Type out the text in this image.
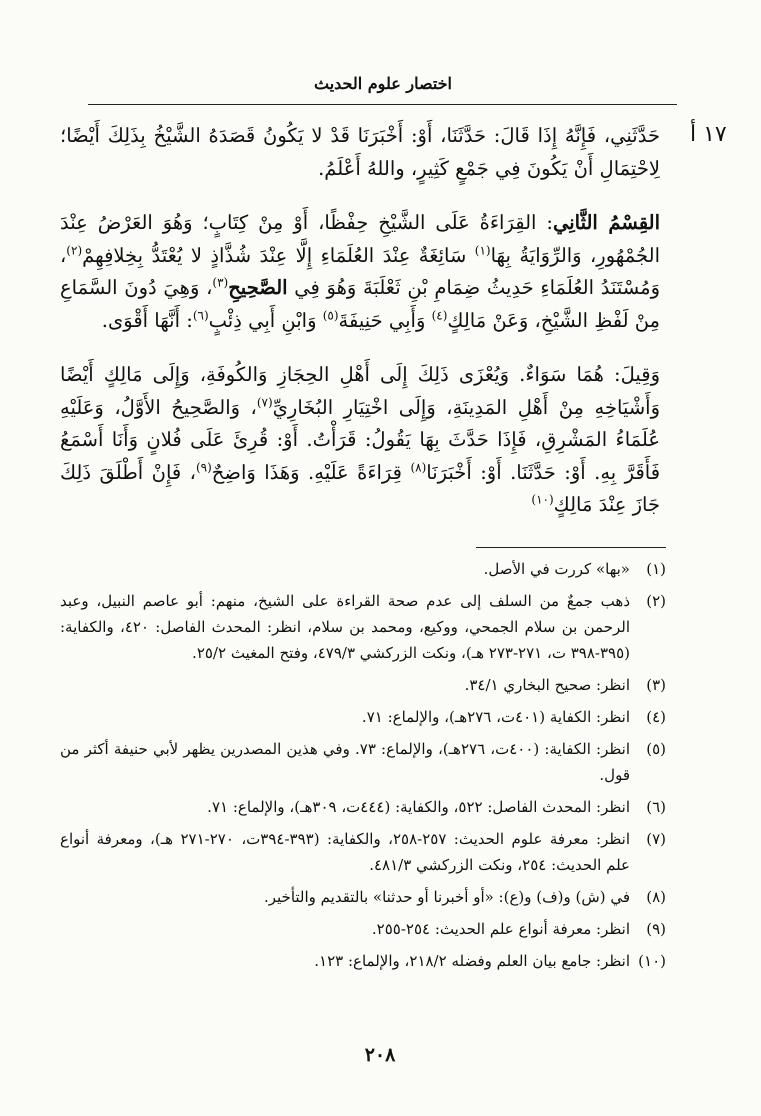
اختصار علوم الحديث
١٧ أ

حَدَّثَنِي، فَإِنَّهُ إِذَا قَالَ: حَدَّثَنَا، أَوْ: أَخْبَرَنَا قَدْ لا يَكُونُ قَصَدَهُ الشَّيْخُ بِذَلِكَ أَيْضًا؛ لِاحْتِمَالِ أَنْ يَكُونَ فِي جَمْعٍ كَثِيرٍ، واللهُ أَعْلَمُ.

القِسْمُ الثَّانِي: القِرَاءَةُ عَلَى الشَّيْخِ حِفْظًا، أَوْ مِنْ كِتَابٍ؛ وَهُوَ العَرْضُ عِنْدَ الجُمْهُورِ، وَالرِّوَايَةُ بِهَا$^{(١)}$ سَائِغَةٌ عِنْدَ العُلَمَاءِ إِلَّا عِنْدَ شُذَّاذٍ لا يُعْتَدُّ بِخِلافِهِمْ$^{(٢)}$، وَمُسْتَنَدُ العُلَمَاءِ حَدِيثُ ضِمَامِ بْنِ ثَعْلَبَةَ وَهُوَ فِي الصَّحِيحِ$^{(٣)}$، وَهِيَ دُونَ السَّمَاعِ مِنْ لَفْظِ الشَّيْخِ، وَعَنْ مَالِكٍ$^{(٤)}$ وَأَبِي حَنِيفَةَ$^{(٥)}$ وَابْنِ أَبِي ذِئْبٍ$^{(٦)}$: أَنَّهَا أَقْوَى.

وَقِيلَ: هُمَا سَوَاءٌ. وَيُعْزَى ذَلِكَ إِلَى أَهْلِ الحِجَازِ وَالكُوفَةِ، وَإِلَى مَالِكٍ أَيْضًا وَأَشْيَاخِهِ مِنْ أَهْلِ المَدِينَةِ، وَإِلَى اخْتِيَارِ البُخَارِيِّ$^{(٧)}$، وَالصَّحِيحُ الأَوَّلُ، وَعَلَيْهِ عُلَمَاءُ المَشْرِقِ، فَإِذَا حَدَّثَ بِهَا يَقُولُ: قَرَأْتُ. أَوْ: قُرِئَ عَلَى فُلانٍ وَأَنَا أَسْمَعُ فَأَقَرَّ بِهِ. أَوْ: حَدَّثَنَا. أَوْ: أَخْبَرَنَا$^{(٨)}$ قِرَاءَةً عَلَيْهِ. وَهَذَا وَاضِحٌ$^{(٩)}$، فَإِنْ أَطْلَقَ ذَلِكَ جَازَ عِنْدَ مَالِكٍ$^{(١٠)}$

(١)
«بها» كررت في الأصل.

(٢)
ذهب جمعٌ من السلف إلى عدم صحة القراءة على الشيخ، منهم: أبو عاصم النبيل، وعبد الرحمن بن سلام الجمحي، ووكيع، ومحمد بن سلام، انظر: المحدث الفاصل: ٤٢٠، والكفاية: (٣٩٥-٣٩٨ ت، ٢٧١-٢٧٣ هـ)، ونكت الزركشي ٤٧٩/٣، وفتح المغيث ٢٥/٢.

(٣)
انظر: صحيح البخاري ٣٤/١.

(٤)
انظر: الكفاية (٤٠١ت، ٢٧٦هـ)، والإلماع: ٧١.

(٥)
انظر: الكفاية: (٤٠٠ت، ٢٧٦هـ)، والإلماع: ٧٣. وفي هذين المصدرين يظهر لأبي حنيفة أكثر من قول.

(٦)
انظر: المحدث الفاصل: ٥٢٢، والكفاية: (٤٤٤ت، ٣٠٩هـ)، والإلماع: ٧١.

(٧)
انظر: معرفة علوم الحديث: ٢٥٧-٢٥٨، والكفاية: (٣٩٣-٣٩٤ت، ٢٧٠-٢٧١ هـ)، ومعرفة أنواع علم الحديث: ٢٥٤، ونكت الزركشي ٤٨١/٣.

(٨)
في (ش) و(ف) و(ع): «أو أخبرنا أو حدثنا» بالتقديم والتأخير.

(٩)
انظر: معرفة أنواع علم الحديث: ٢٥٤-٢٥٥.

(١٠)
انظر: جامع بيان العلم وفضله ٢١٨/٢، والإلماع: ١٢٣.

٢٠٨
